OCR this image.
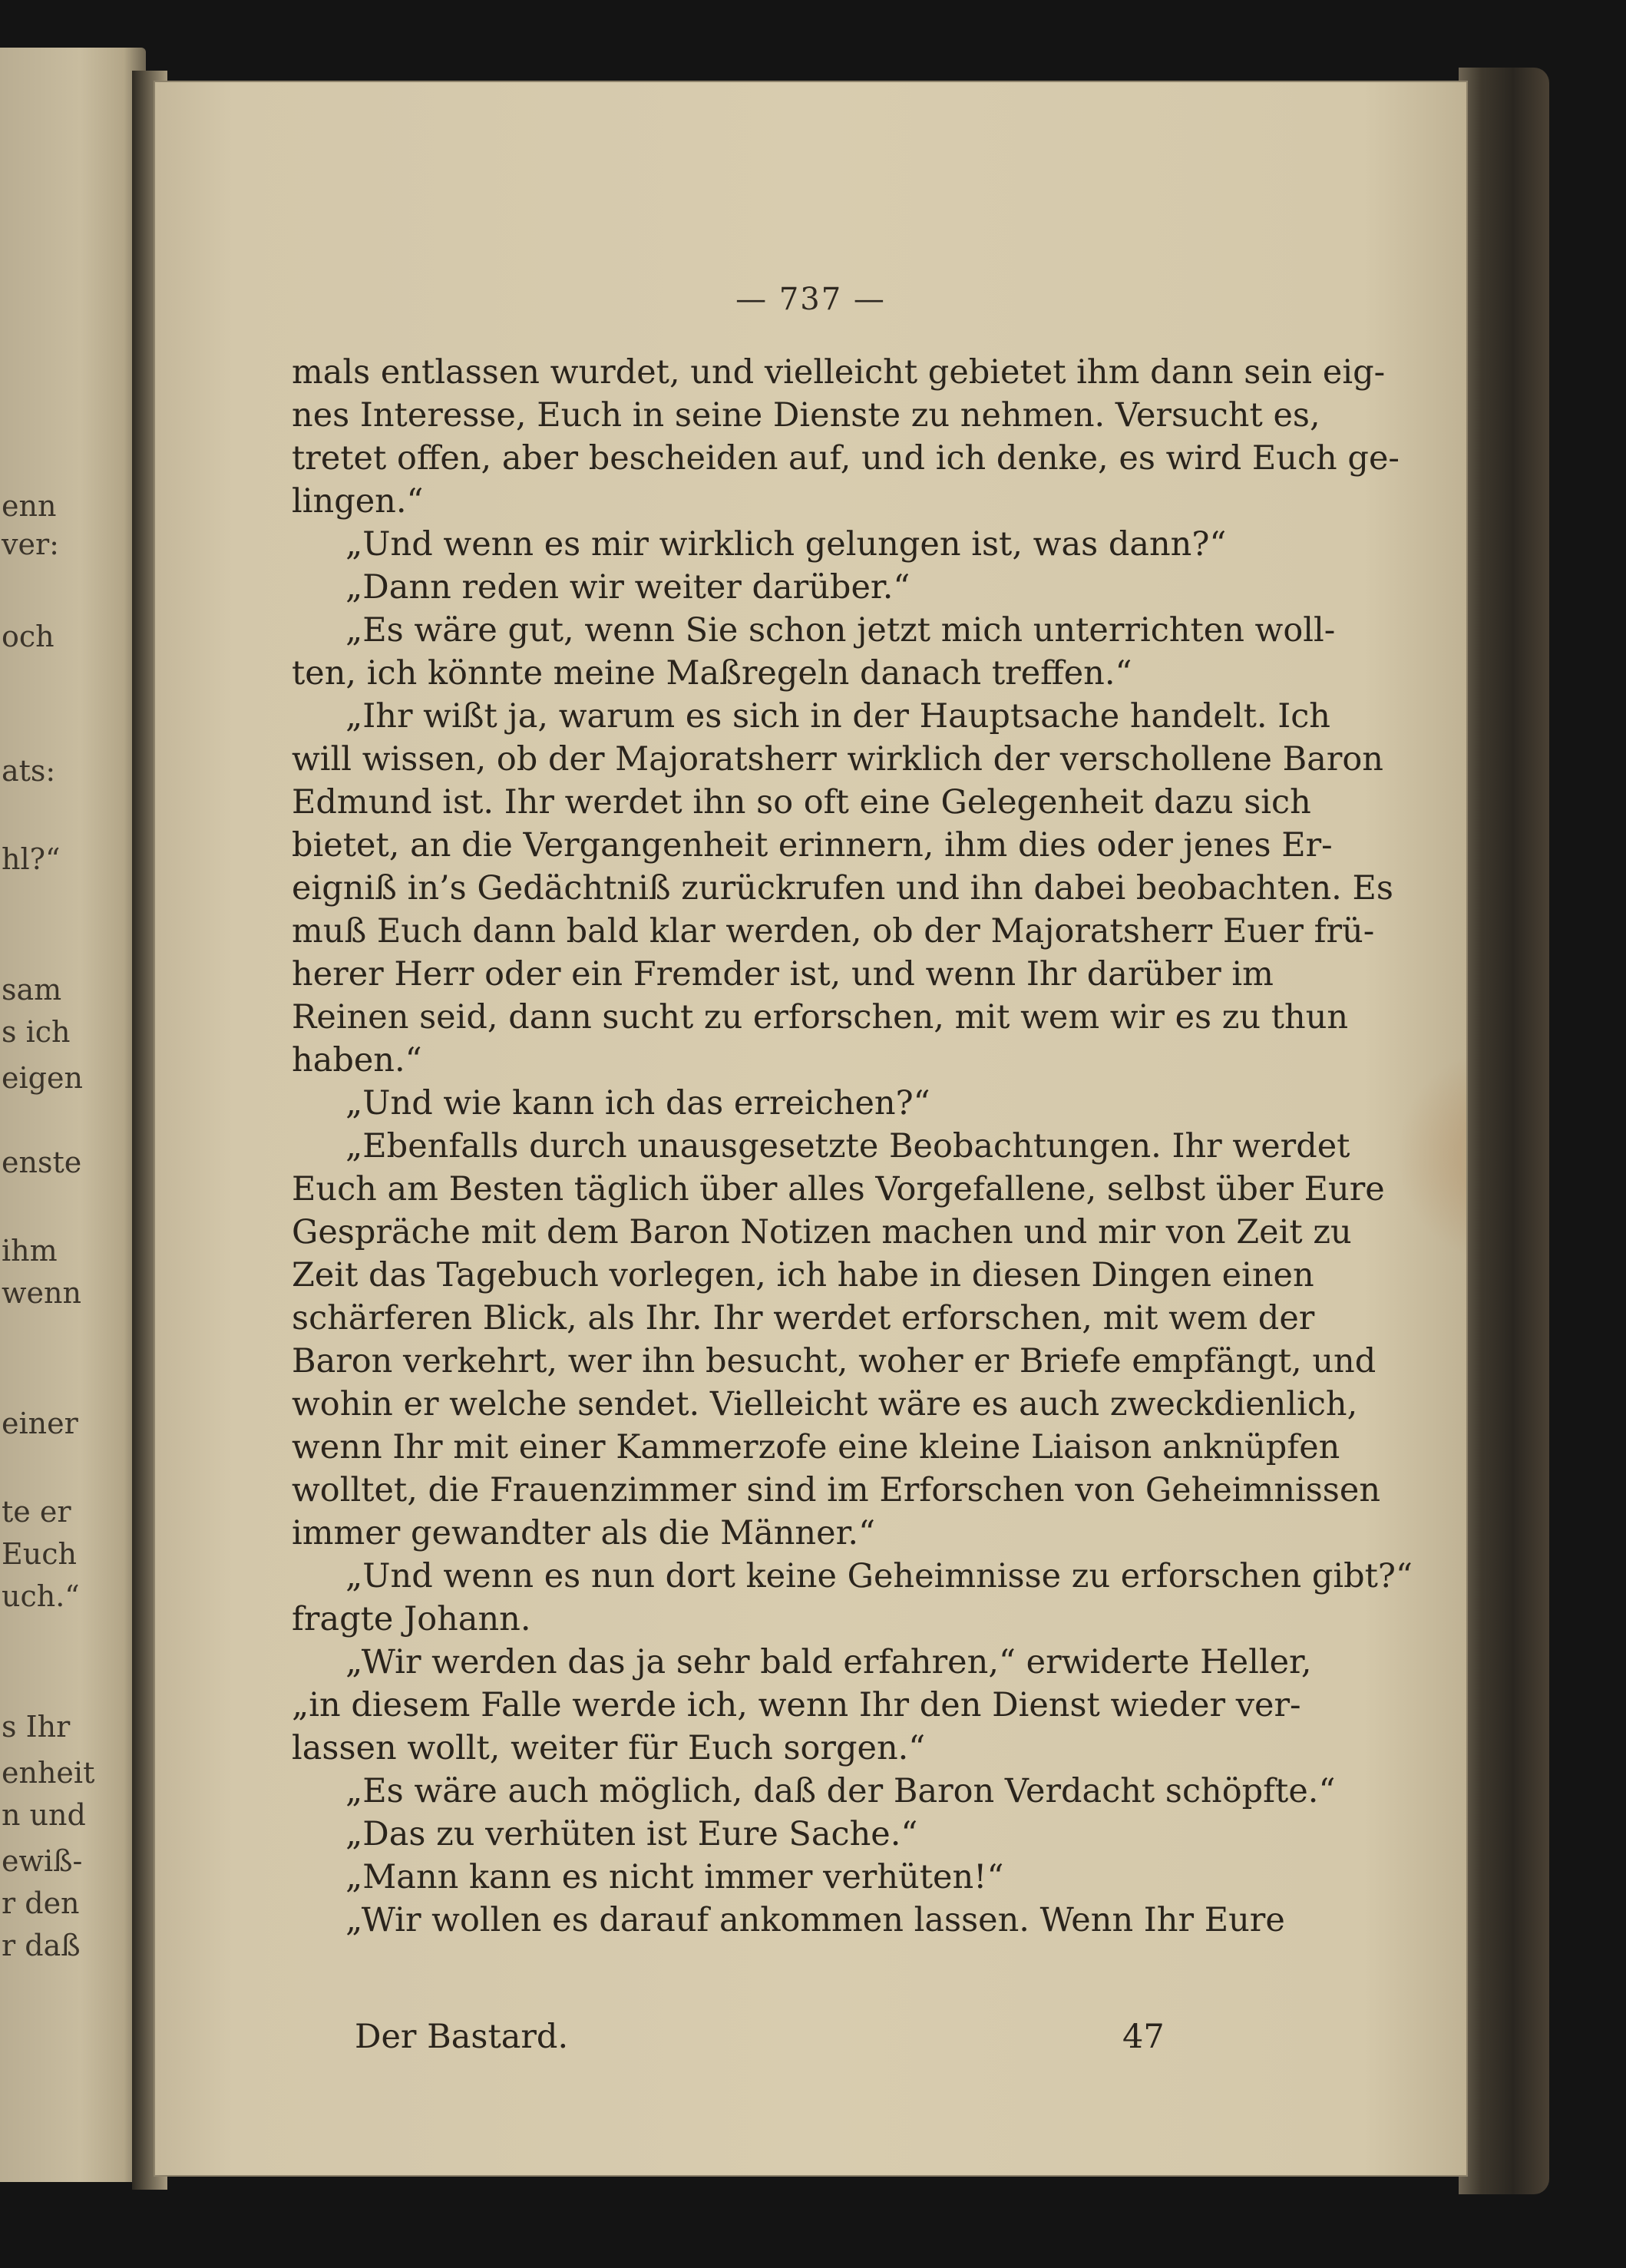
enn
ver:
och
ats:
hl?“
sam
s ich
eigen
enste
ihm
wenn
einer
te er
Euch
uch.“
s Ihr
enheit
n und
ewiß-
r den
r daß
— 737 —
mals entlassen wurdet, und vielleicht gebietet ihm dann sein eig-
nes Interesse, Euch in seine Dienste zu nehmen. Versucht es,
tretet offen, aber bescheiden auf, und ich denke, es wird Euch ge-
lingen.“
„Und wenn es mir wirklich gelungen ist, was dann?“
„Dann reden wir weiter darüber.“
„Es wäre gut, wenn Sie schon jetzt mich unterrichten woll-
ten, ich könnte meine Maßregeln danach treffen.“
„Ihr wißt ja, warum es sich in der Hauptsache handelt. Ich
will wissen, ob der Majoratsherr wirklich der verschollene Baron
Edmund ist. Ihr werdet ihn so oft eine Gelegenheit dazu sich
bietet, an die Vergangenheit erinnern, ihm dies oder jenes Er-
eigniß in’s Gedächtniß zurückrufen und ihn dabei beobachten. Es
muß Euch dann bald klar werden, ob der Majoratsherr Euer frü-
herer Herr oder ein Fremder ist, und wenn Ihr darüber im
Reinen seid, dann sucht zu erforschen, mit wem wir es zu thun
haben.“
„Und wie kann ich das erreichen?“
„Ebenfalls durch unausgesetzte Beobachtungen. Ihr werdet
Euch am Besten täglich über alles Vorgefallene, selbst über Eure
Gespräche mit dem Baron Notizen machen und mir von Zeit zu
Zeit das Tagebuch vorlegen, ich habe in diesen Dingen einen
schärferen Blick, als Ihr. Ihr werdet erforschen, mit wem der
Baron verkehrt, wer ihn besucht, woher er Briefe empfängt, und
wohin er welche sendet. Vielleicht wäre es auch zweckdienlich,
wenn Ihr mit einer Kammerzofe eine kleine Liaison anknüpfen
wolltet, die Frauenzimmer sind im Erforschen von Geheimnissen
immer gewandter als die Männer.“
„Und wenn es nun dort keine Geheimnisse zu erforschen gibt?“
fragte Johann.
„Wir werden das ja sehr bald erfahren,“ erwiderte Heller,
„in diesem Falle werde ich, wenn Ihr den Dienst wieder ver-
lassen wollt, weiter für Euch sorgen.“
„Es wäre auch möglich, daß der Baron Verdacht schöpfte.“
„Das zu verhüten ist Eure Sache.“
„Mann kann es nicht immer verhüten!“
„Wir wollen es darauf ankommen lassen. Wenn Ihr Eure
Der Bastard.	47
